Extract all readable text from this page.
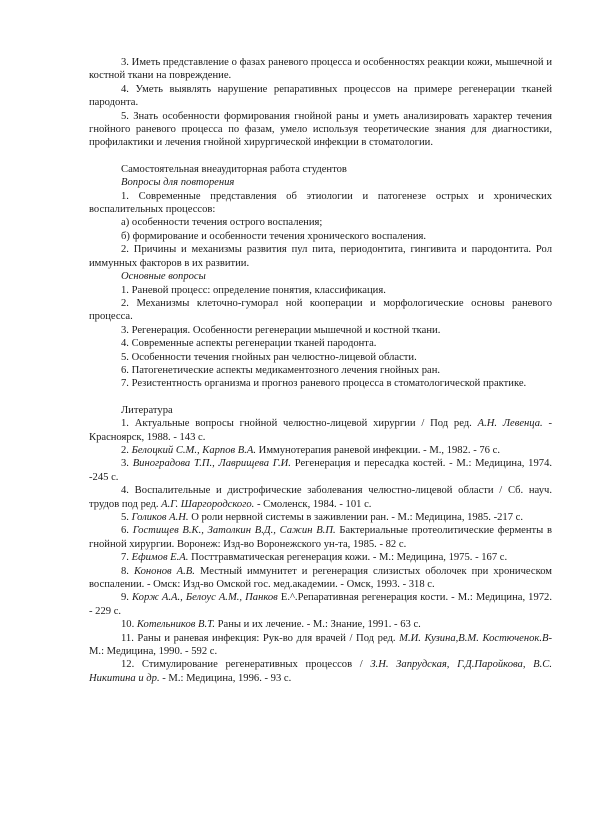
3. Иметь представление о фазах раневого процесса и особенностях реакции кожи, мышечной и костной ткани на повреждение.

4. Уметь выявлять нарушение репаративных процессов на примере регенерации тканей пародонта.

5. Знать особенности формирования гнойной раны и уметь анализировать характер течения гнойного раневого процесса по фазам, умело используя теоретические знания для диагностики, профилактики и лечения гнойной хирургической инфекции в стоматологии.

Самостоятельная внеаудиторная работа студентов

Вопросы для повторения

1. Современные представления об этиологии и патогенезе острых и хронических воспалительных процессов:

а) особенности течения острого воспаления;

б) формирование и особенности течения хронического воспаления.

2. Причины и механизмы развития пул пита, периодонтита, гингивита и пародонтита. Рол иммунных факторов в их развитии.

Основные вопросы

1. Раневой процесс: определение понятия, классификация.

2. Механизмы клеточно-гуморал ной кооперации и морфологические основы раневого процесса.

3. Регенерация. Особенности регенерации мышечной и костной ткани.

4. Современные аспекты регенерации тканей пародонта.

5. Особенности течения гнойных ран челюстно-лицевой области.

6. Патогенетические аспекты медикаментозного лечения гнойных ран.

7. Резистентность организма и прогноз раневого процесса в стоматологической практике.

Литература

1. Актуальные вопросы гнойной челюстно-лицевой хирургии / Под ред. А.Н. Левенца. - Красноярск, 1988. - 143 с.

2. Белоцкий С.М., Карпов В.А. Иммунотерапия раневой инфекции. - М., 1982. - 76 с.

3. Виноградова Т.П., Лаврищева Г.И. Регенерация и пересадка костей. - М.: Медицина, 1974. -245 с.

4. Воспалительные и дистрофические заболевания челюстно-лицевой области / Сб. науч. трудов под ред. А.Г. Шаргородского. - Смоленск, 1984. - 101 с.

5. Голиков А.Н. О роли нервной системы в заживлении ран. - М.: Медицина, 1985. -217 с.

6. Гостищев В.К., Затолкин В.Д., Сажин В.П. Бактериальные протеолитические ферменты в гнойной хирургии. Воронеж: Изд-во Воронежского ун-та, 1985. - 82 с.

7. Ефимов Е.А. Посттравматическая регенерация кожи. - М.: Медицина, 1975. - 167 с.

8. Кононов А.В. Местный иммунитет и регенерация слизистых оболочек при хроническом воспалении. - Омск: Изд-во Омской гос. мед.академии. - Омск, 1993. - 318 с.

9. Корж А.А., Белоус А.М., Панков Е.^.Репаративная регенерация кости. - М.: Медицина, 1972. - 229 с.

10. Котельников В.Т. Раны и их лечение. - М.: Знание, 1991. - 63 с.

11. Раны и раневая инфекция: Рук-во для врачей / Под ред. М.И. Кузина,В.М. Костюченок.В- М.: Медицина, 1990. - 592 с.

12. Стимулирование регенеративных процессов / З.Н. Запрудская, Г.Д.Паройкова, В.С. Никитина и др. - М.: Медицина, 1996. - 93 с.
